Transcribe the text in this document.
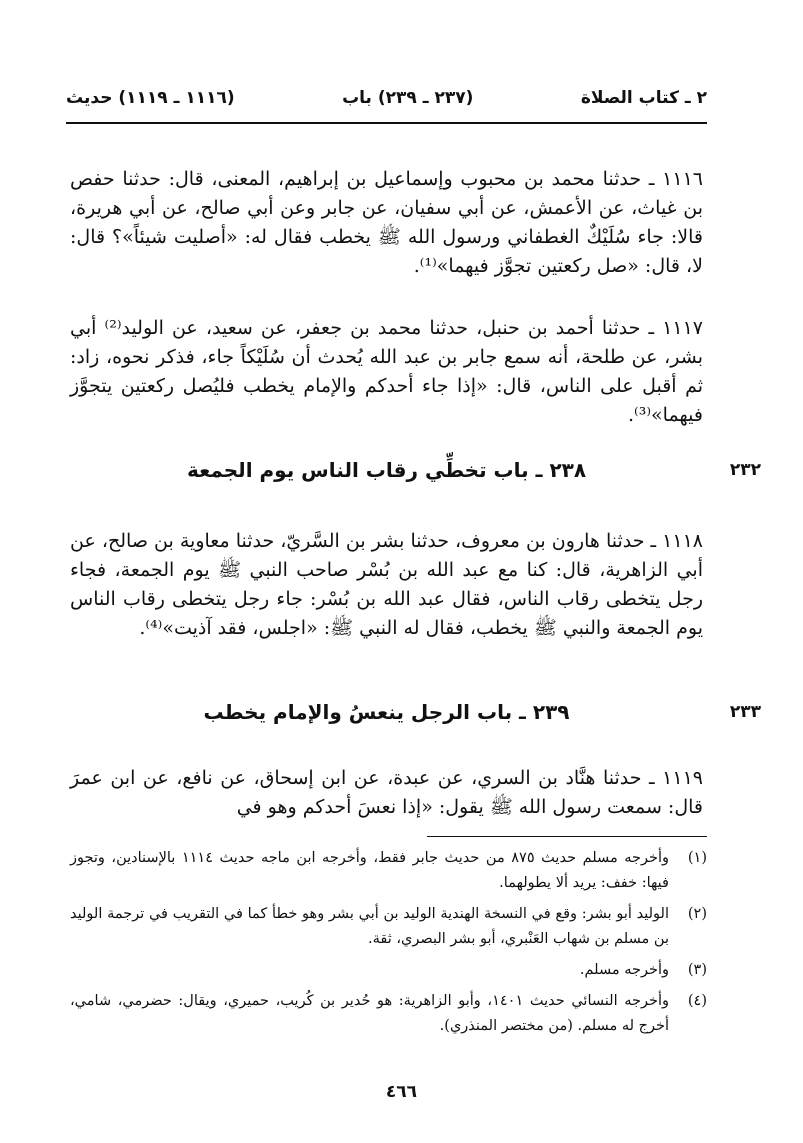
٢ ـ كتاب الصلاة
(٢٣٧ ـ ٢٣٩) باب
(١١١٦ ـ ١١١٩) حديث

١١١٦ ـ حدثنا محمد بن محبوب وإسماعيل بن إبراهيم، المعنى، قال: حدثنا حفص بن غياث، عن الأعمش، عن أبي سفيان، عن جابر وعن أبي صالح، عن أبي هريرة، قالا: جاء سُلَيْكٌ الغطفاني ورسول الله ﷺ يخطب فقال له: «أصليت شيئاً»؟ قال: لا، قال: «صل ركعتين تجوَّز فيهما»⁽¹⁾.

١١١٧ ـ حدثنا أحمد بن حنبل، حدثنا محمد بن جعفر، عن سعيد، عن الوليد⁽²⁾ أبي بشر، عن طلحة، أنه سمع جابر بن عبد الله يُحدث أن سُلَيْكاً جاء، فذكر نحوه، زاد: ثم أقبل على الناس، قال: «إذا جاء أحدكم والإمام يخطب فليُصل ركعتين يتجوَّز فيهما»⁽³⁾.

٢٣٢
٢٣٨ ـ باب تخطِّي رقاب الناس يوم الجمعة

١١١٨ ـ حدثنا هارون بن معروف، حدثنا بشر بن السَّريّ، حدثنا معاوية بن صالح، عن أبي الزاهرية، قال: كنا مع عبد الله بن بُسْر صاحب النبي ﷺ يوم الجمعة، فجاء رجل يتخطى رقاب الناس، فقال عبد الله بن بُسْر: جاء رجل يتخطى رقاب الناس يوم الجمعة والنبي ﷺ يخطب، فقال له النبي ﷺ: «اجلس، فقد آذيت»⁽⁴⁾.

٢٣٣
٢٣٩ ـ باب الرجل ينعسُ والإمام يخطب

١١١٩ ـ حدثنا هنَّاد بن السري، عن عبدة، عن ابن إسحاق، عن نافع، عن ابن عمرَ قال: سمعت رسول الله ﷺ يقول: «إذا نعسَ أحدكم وهو في

(١)
وأخرجه مسلم حديث ٨٧٥ من حديث جابر فقط، وأخرجه ابن ماجه حديث ١١١٤ بالإسنادين، وتجوز فيها: خفف: يريد ألا يطولهما.
(٢)
الوليد أبو بشر: وقع في النسخة الهندية الوليد بن أبي بشر وهو خطأ كما في التقريب في ترجمة الوليد بن مسلم بن شهاب العَنْبري، أبو بشر البصري، ثقة.
(٣)
وأخرجه مسلم.
(٤)
وأخرجه النسائي حديث ١٤٠١، وأبو الزاهرية: هو حُدير بن كُريب، حميري، ويقال: حضرمي، شامي، أخرج له مسلم. (من مختصر المنذري).
٤٦٦
